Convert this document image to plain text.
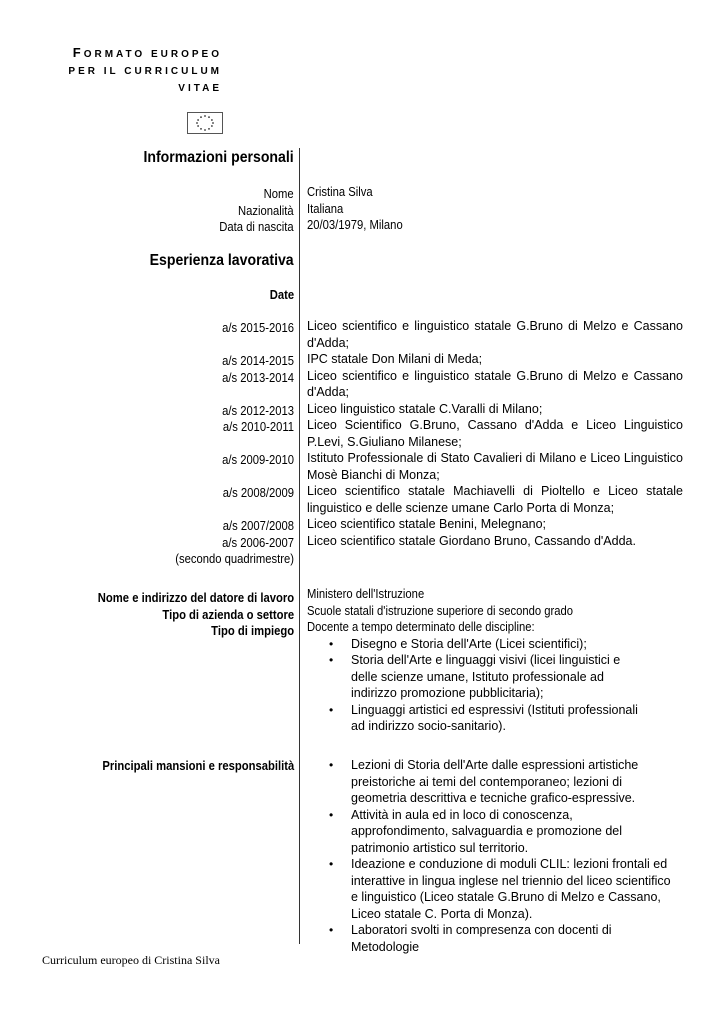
FORMATO EUROPEO
PER IL CURRICULUM
VITAE
Informazioni personali
Nome
Nazionalità
Data di nascita
Cristina Silva
Italiana
20/03/1979, Milano
Esperienza lavorativa
Date
a/s 2015-2016
a/s 2014-2015
a/s 2013-2014
a/s 2012-2013
a/s 2010-2011
a/s 2009-2010
a/s 2008/2009
a/s 2007/2008
a/s 2006-2007
(secondo quadrimestre)
Liceo scientifico e linguistico statale G.Bruno di Melzo e Cassano d'Adda;
IPC statale Don Milani di Meda;
Liceo scientifico e linguistico statale G.Bruno di Melzo e Cassano d'Adda;
Liceo linguistico statale C.Varalli di Milano;
Liceo Scientifico G.Bruno, Cassano d'Adda e Liceo Linguistico P.Levi, S.Giuliano Milanese;
Istituto Professionale di Stato Cavalieri di Milano e Liceo Linguistico Mosè Bianchi di Monza;
Liceo scientifico statale Machiavelli di Pioltello e Liceo statale linguistico e delle scienze umane Carlo Porta di Monza;
Liceo scientifico statale Benini, Melegnano;
Liceo scientifico statale Giordano Bruno, Cassando d'Adda.
Nome e indirizzo del datore di lavoro
Tipo di azienda o settore
Tipo di impiego
Ministero dell'Istruzione
Scuole statali d'istruzione superiore di secondo grado
Docente a tempo determinato delle discipline:
• Disegno e Storia dell'Arte (Licei scientifici);
• Storia dell'Arte e linguaggi visivi (licei linguistici e delle scienze umane, Istituto professionale ad indirizzo promozione pubblicitaria);
• Linguaggi artistici ed espressivi (Istituti professionali ad indirizzo socio-sanitario).
Principali mansioni e responsabilità
•	Lezioni di Storia dell'Arte dalle espressioni artistiche preistoriche ai temi del contemporaneo; lezioni di geometria descrittiva e tecniche grafico-espressive.
• Attività in aula ed in loco di conoscenza, approfondimento, salvaguardia e promozione del patrimonio artistico sul territorio.
• Ideazione e conduzione di moduli CLIL: lezioni frontali ed interattive in lingua inglese nel triennio del liceo scientifico e linguistico (Liceo statale G.Bruno di Melzo e Cassano, Liceo statale C. Porta di Monza).
• Laboratori svolti in compresenza con docenti di Metodologie
Curriculum europeo di Cristina Silva
